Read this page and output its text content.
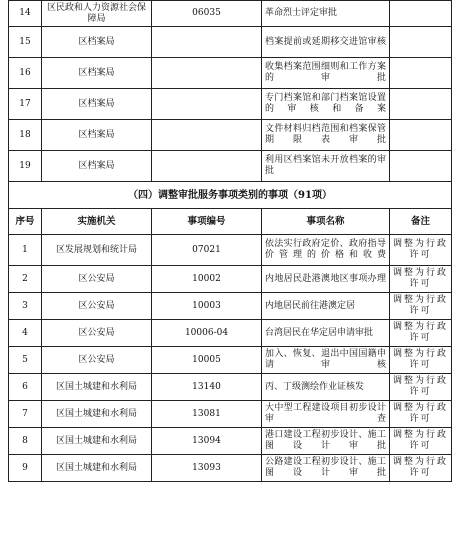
14	区民政和人力资源社会保障局	06035	革命烈士评定审批	
15	区档案局		档案提前或延期移交进馆审核	
16	区档案局		收集档案范围细则和工作方案的审批	
17	区档案局		专门档案馆和部门档案馆设置的审核和备案	
18	区档案局		文件材料归档范围和档案保管期限表审批	
19	区档案局		利用区档案馆未开放档案的审批	
（四）调整审批服务事项类别的事项（91项）				
序号	实施机关	事项编号	事项名称	备注
1	区发展规划和统计局	07021	依法实行政府定价、政府指导价管理的价格和收费	调整为行政许可
2	区公安局	10002	内地居民赴港澳地区事项办理	调整为行政许可
3	区公安局	10003	内地居民前往港澳定居	调整为行政许可
4	区公安局	10006-04	台湾居民在华定居申请审批	调整为行政许可
5	区公安局	10005	加入、恢复、退出中国国籍申请审核	调整为行政许可
6	区国土城建和水利局	13140	丙、丁级测绘作业证核发	调整为行政许可
7	区国土城建和水利局	13081	大中型工程建设项目初步设计审查	调整为行政许可
8	区国土城建和水利局	13094	港口建设工程初步设计、施工图设计审批	调整为行政许可
9	区国土城建和水利局	13093	公路建设工程初步设计、施工图设计审批	调整为行政许可
